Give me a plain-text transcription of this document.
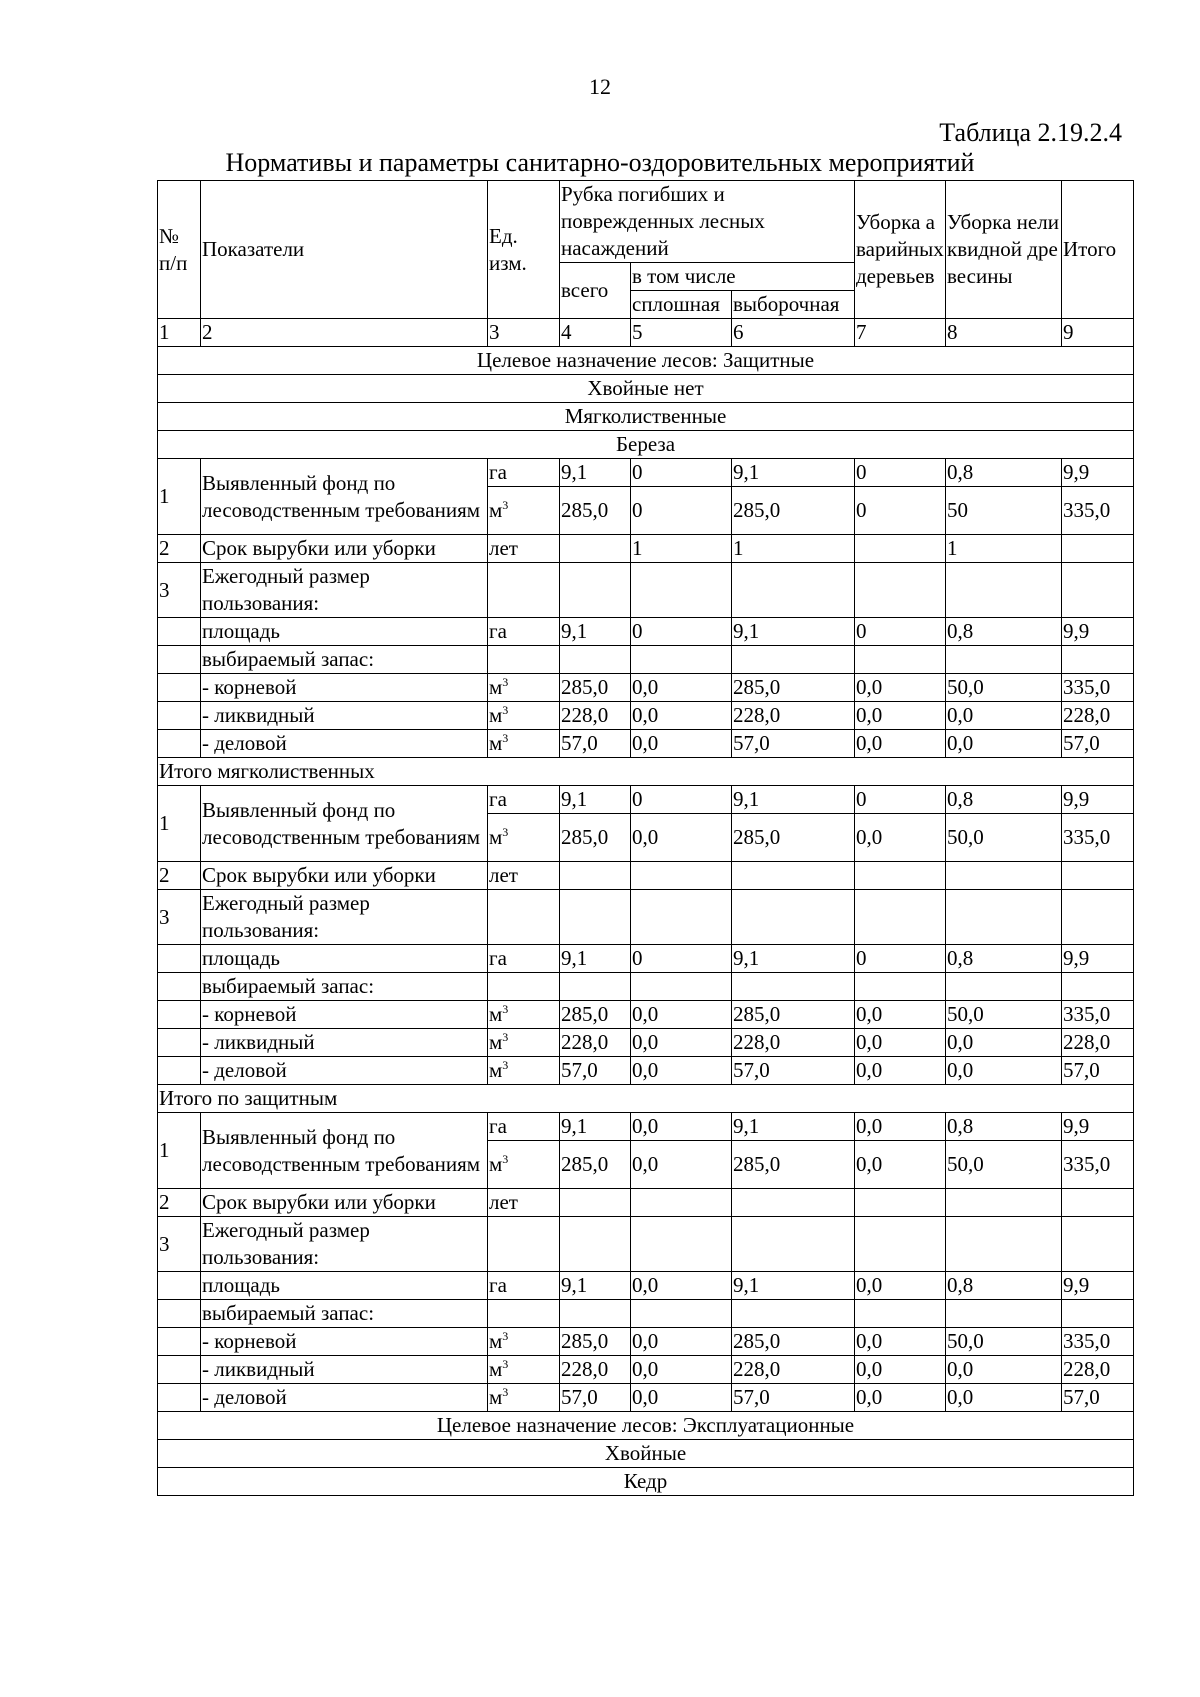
12
Таблица 2.19.2.4
Нормативы и параметры санитарно-оздоровительных мероприятий
№ п/п	Показатели	Ед. изм.	Рубка погибших и поврежденных лесных насаждений			Уборка аварийных деревьев	Уборка неликвидной древесины	Итого
			всего	в том числе				
				сплошная	выборочная			

1	2	3	4	5	6	7	8	9
Целевое назначение лесов: Защитные								
Хвойные нет								
Мягколиственные								
Береза								
1	Выявленный фонд по лесоводственным требованиям	га	9,1	0	9,1	0	0,8	9,9
		$м^3$	285,0	0	285,0	0	50	335,0
2	Срок вырубки или уборки	лет		1	1		1	
3	Ежегодный размер пользования:							
	площадь	га	9,1	0	9,1	0	0,8	9,9
	выбираемый запас:							
	- корневой	$м^3$	285,0	0,0	285,0	0,0	50,0	335,0
	- ликвидный	$м^3$	228,0	0,0	228,0	0,0	0,0	228,0
	- деловой	$м^3$	57,0	0,0	57,0	0,0	0,0	57,0
Итого мягколиственных								
1	Выявленный фонд по лесоводственным требованиям	га	9,1	0	9,1	0	0,8	9,9
		$м^3$	285,0	0,0	285,0	0,0	50,0	335,0
2	Срок вырубки или уборки	лет						
3	Ежегодный размер пользования:							
	площадь	га	9,1	0	9,1	0	0,8	9,9
	выбираемый запас:							
	- корневой	$м^3$	285,0	0,0	285,0	0,0	50,0	335,0
	- ликвидный	$м^3$	228,0	0,0	228,0	0,0	0,0	228,0
	- деловой	$м^3$	57,0	0,0	57,0	0,0	0,0	57,0
Итого по защитным								
1	Выявленный фонд по лесоводственным требованиям	га	9,1	0,0	9,1	0,0	0,8	9,9
		$м^3$	285,0	0,0	285,0	0,0	50,0	335,0
2	Срок вырубки или уборки	лет						
3	Ежегодный размер пользования:							
	площадь	га	9,1	0,0	9,1	0,0	0,8	9,9
	выбираемый запас:							
	- корневой	$м^3$	285,0	0,0	285,0	0,0	50,0	335,0
	- ликвидный	$м^3$	228,0	0,0	228,0	0,0	0,0	228,0
	- деловой	$м^3$	57,0	0,0	57,0	0,0	0,0	57,0
Целевое назначение лесов: Эксплуатационные								
Хвойные								
Кедр								
